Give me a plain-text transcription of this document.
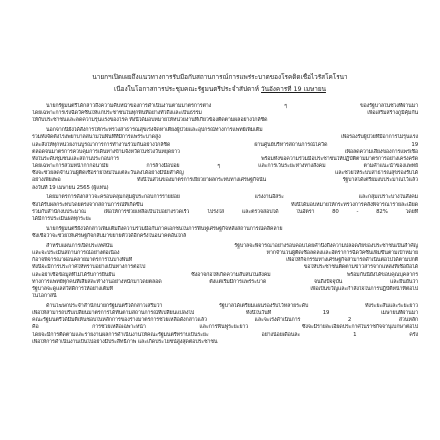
นายกฯเปิดเผยถึงแนวทางการรับมือกับสถานการณ์การแพร่ระบาดของโรคติดเชื้อไวรัสโคโรนา
เนื่องในโอกาสการประชุมคณะรัฐมนตรีประจำสัปดาห์ วันอังคารที่ 19 เมษายน
นายกรัฐมนตรีได้กล่าวถึงความคืบหน้าของการดำเนินงานตามมาตรการต่าง ๆ ของรัฐบาลในช่วงที่ผ่านมา
โดยเฉพาะการเร่งฉีดวัคซีนให้แก่ประชาชนในทุกพื้นที่อย่างทั่วถึงและเป็นธรรม เพื่อเสริมสร้างภูมิคุ้มกัน
ให้กับประชาชนและลดความรุนแรงของโรค ทั้งนี้ได้มอบหมายให้หน่วยงานที่เกี่ยวข้องติดตามผลอย่างใกล้ชิด
นอกจากนี้ยังได้สั่งการให้กระทรวงสาธารณสุขเร่งจัดหาเตียงผู้ป่วยและอุปกรณ์ทางการแพทย์เพิ่มเติม
รวมทั้งจัดตั้งโรงพยาบาลสนามในพื้นที่ที่มีการแพร่ระบาดสูง เพื่อรองรับผู้ป่วยที่มีอาการไม่รุนแรง
และสั่งให้ทุกหน่วยงานบูรณาการการทำงานร่วมกันอย่างใกล้ชิด ผ่านศูนย์บริหารสถานการณ์โควิด 19
ตลอดจนมาตรการควบคุมการเดินทางข้ามจังหวัดในช่วงวันหยุดยาว เพื่อลดความเสี่ยงของการแพร่เชื้อ
ทั้งในระดับชุมชนและสถานประกอบการ พร้อมทั้งขอความร่วมมือประชาชนให้ปฏิบัติตามมาตรการอย่างเคร่งครัด
โดยเฉพาะการสวมหน้ากากอนามัย การล้างมือบ่อย ๆ และการเว้นระยะห่างทางสังคม ตามคำแนะนำของแพทย์
ซึ่งจะช่วยลดจำนวนผู้ติดเชื้อรายใหม่ในแต่ละวันลงได้อย่างมีนัยสำคัญ และช่วยให้ระบบสาธารณสุขรองรับได้
อย่างเพียงพอ ทั้งนี้ในส่วนของมาตรการเยียวยาผลกระทบทางเศรษฐกิจนั้น รัฐบาลได้เตรียมงบประมาณไว้แล้ว
ลงวันที่ 19 เมษายน 2565 (ผู้แทน)
โดยมาตรการดังกล่าวจะครอบคลุมกลุ่มผู้ประกอบการรายย่อย แรงงานอิสระ และกลุ่มเปราะบางในสังคม
ซึ่งได้รับผลกระทบโดยตรงจากสถานการณ์ที่เกิดขึ้น ทั้งนี้ได้มอบหมายให้กระทรวงการคลังพิจารณารายละเอียด
ร่วมกับสำนักงบประมาณ เพื่อให้การช่วยเหลือเป็นไปอย่างรวดเร็ว โปร่งใส และตรวจสอบได้ ในอัตรา 80 - 82% โดยที่
ได้มีการประเมินผลทุกระยะ
นายกรัฐมนตรียังได้กล่าวเพิ่มเติมถึงความร่วมมือกับภาคเอกชนในการฟื้นฟูเศรษฐกิจหลังสถานการณ์คลี่คลาย
ซึ่งเชื่อว่าจะช่วยให้เศรษฐกิจกลับมาขยายตัวได้อีกครั้งในอนาคตอันใกล้
สำหรับแผนการเปิดประเทศนั้น รัฐบาลจะพิจารณาอย่างรอบคอบโดยคำนึงถึงความปลอดภัยของประชาชนเป็นสำคัญ
และจะประเมินสถานการณ์อย่างต่อเนื่อง หากจำนวนผู้ติดเชื้อลดลงและอัตราการฉีดวัคซีนเพิ่มขึ้นตามเป้าหมาย
ก็อาจพิจารณาผ่อนคลายมาตรการในบางพื้นที่ เพื่อให้กิจกรรมทางเศรษฐกิจสามารถดำเนินต่อไปได้ตามปกติ
ทั้งนี้จะมีการประกาศให้ทราบอย่างเป็นทางการต่อไป ขอให้ประชาชนติดตามข่าวสารจากแหล่งที่เชื่อถือได้
และอย่าเชื่อข้อมูลที่ไม่ได้รับการยืนยัน ซึ่งอาจก่อให้เกิดความสับสนในสังคม พร้อมกันนี้ยังได้ขอบคุณบุคลากร
ทางการแพทย์ทุกคนที่เสียสละทำงานอย่างหนักมาโดยตลอด ตั้งแต่เริ่มมีการแพร่ระบาด จนถึงปัจจุบัน และยืนยันว่า
รัฐบาลจะดูแลสวัสดิการให้อย่างเต็มที่ เพื่อเป็นขวัญและกำลังใจในการปฏิบัติหน้าที่ต่อไป
ในโอกาสนี้
ด้านโฆษกประจำสำนักนายกรัฐมนตรีได้กล่าวเสริมว่า รัฐบาลได้เตรียมแผนรองรับไว้หลายระดับ ทั้งระยะสั้นและระยะยาว
เพื่อให้สามารถปรับเปลี่ยนมาตรการได้ทันตามสถานการณ์ที่เปลี่ยนแปลงไป ทั้งนี้ในวันที่ 19 เมษายนที่ผ่านมา
คณะรัฐมนตรีได้มีมติเห็นชอบในหลักการของร่างมาตรการช่วยเหลือดังกล่าวแล้ว และจะเร่งดำเนินการ 2 ส่วนหลัก
คือ การช่วยเหลือเฉพาะหน้า และการฟื้นฟูระยะยาว ซึ่งจะมีรายละเอียดประกาศในราชกิจจานุเบกษาต่อไป
โดยจะมีการติดตามและรายงานผลการดำเนินงานให้คณะรัฐมนตรีทราบเป็นระยะ อย่างน้อยเดือนละ 1 ครั้ง
เพื่อให้การดำเนินงานเป็นไปอย่างมีประสิทธิภาพ และเกิดประโยชน์สูงสุดต่อประชาชน
